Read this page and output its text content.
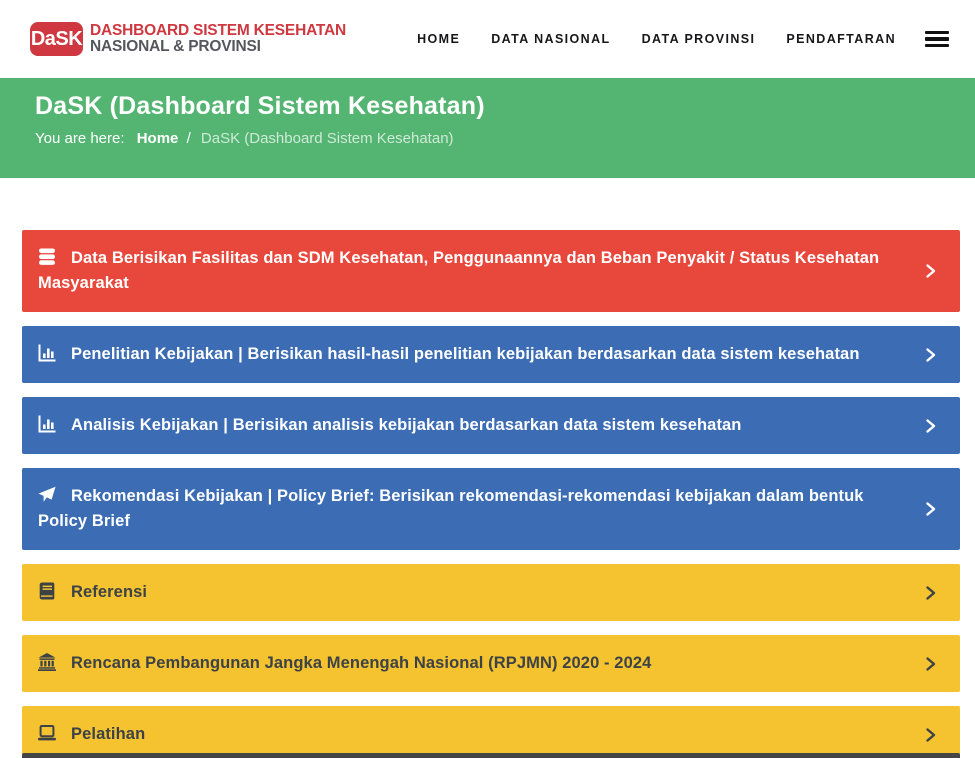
DaSK DASHBOARD SISTEM KESEHATAN
NASIONAL & PROVINSI	HOME DATA NASIONAL DATA PROVINSI PENDAFTARAN
DaSK (Dashboard Sistem Kesehatan)
You are here: Home / DaSK (Dashboard Sistem Kesehatan)
Data Berisikan Fasilitas dan SDM Kesehatan, Penggunaannya dan Beban Penyakit / Status Kesehatan Masyarakat
Penelitian Kebijakan | Berisikan hasil-hasil penelitian kebijakan berdasarkan data sistem kesehatan
Analisis Kebijakan | Berisikan analisis kebijakan berdasarkan data sistem kesehatan
Rekomendasi Kebijakan | Policy Brief: Berisikan rekomendasi-rekomendasi kebijakan dalam bentuk Policy Brief
Referensi
Rencana Pembangunan Jangka Menengah Nasional (RPJMN) 2020 - 2024
Pelatihan
